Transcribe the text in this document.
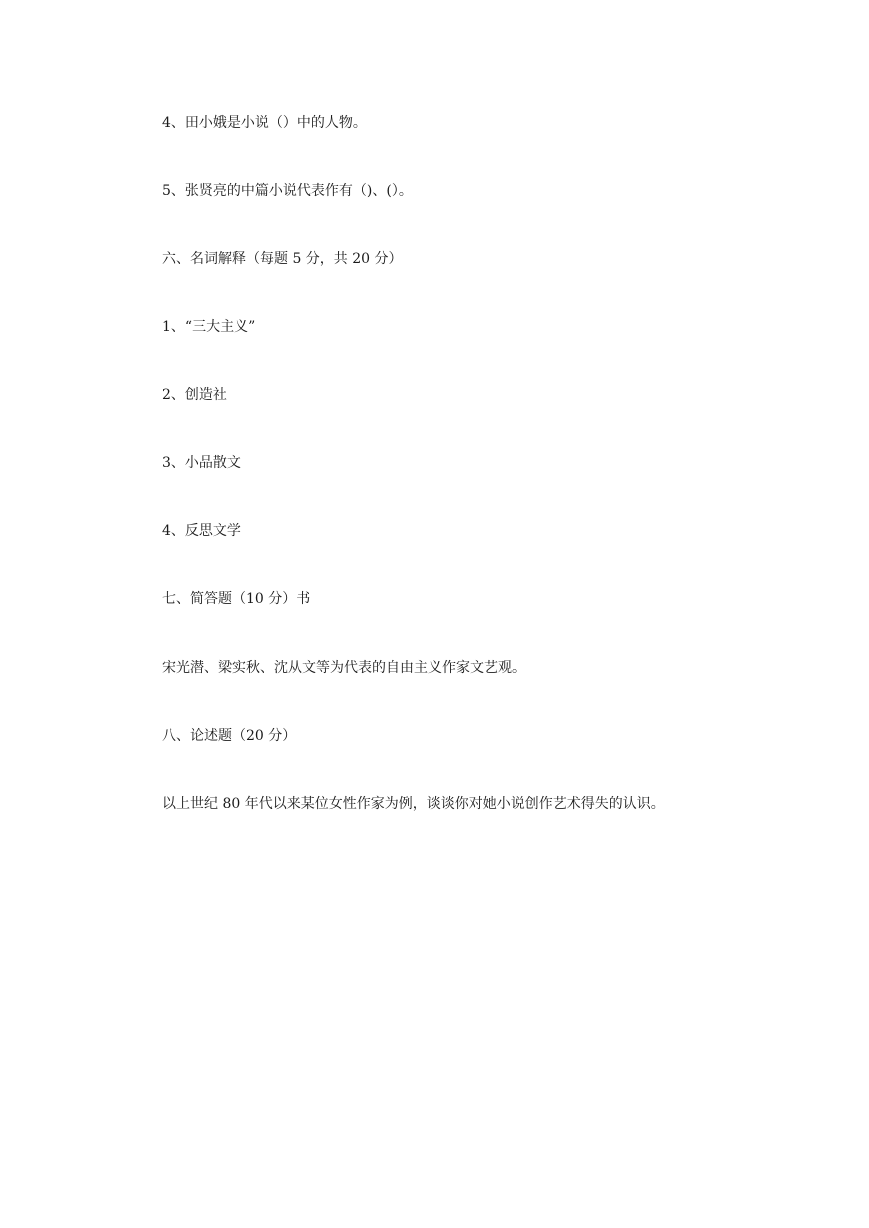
4、田小娥是小说（）中的人物。

5、张贤亮的中篇小说代表作有（)、(）。

六、名词解释（每题 5 分，共 20 分）

1、“三大主义”

2、创造社

3、小品散文

4、反思文学

七、简答题（10 分）书

宋光潜、梁实秋、沈从文等为代表的自由主义作家文艺观。

八、论述题（20 分）

以上世纪 80 年代以来某位女性作家为例，谈谈你对她小说创作艺术得失的认识。
